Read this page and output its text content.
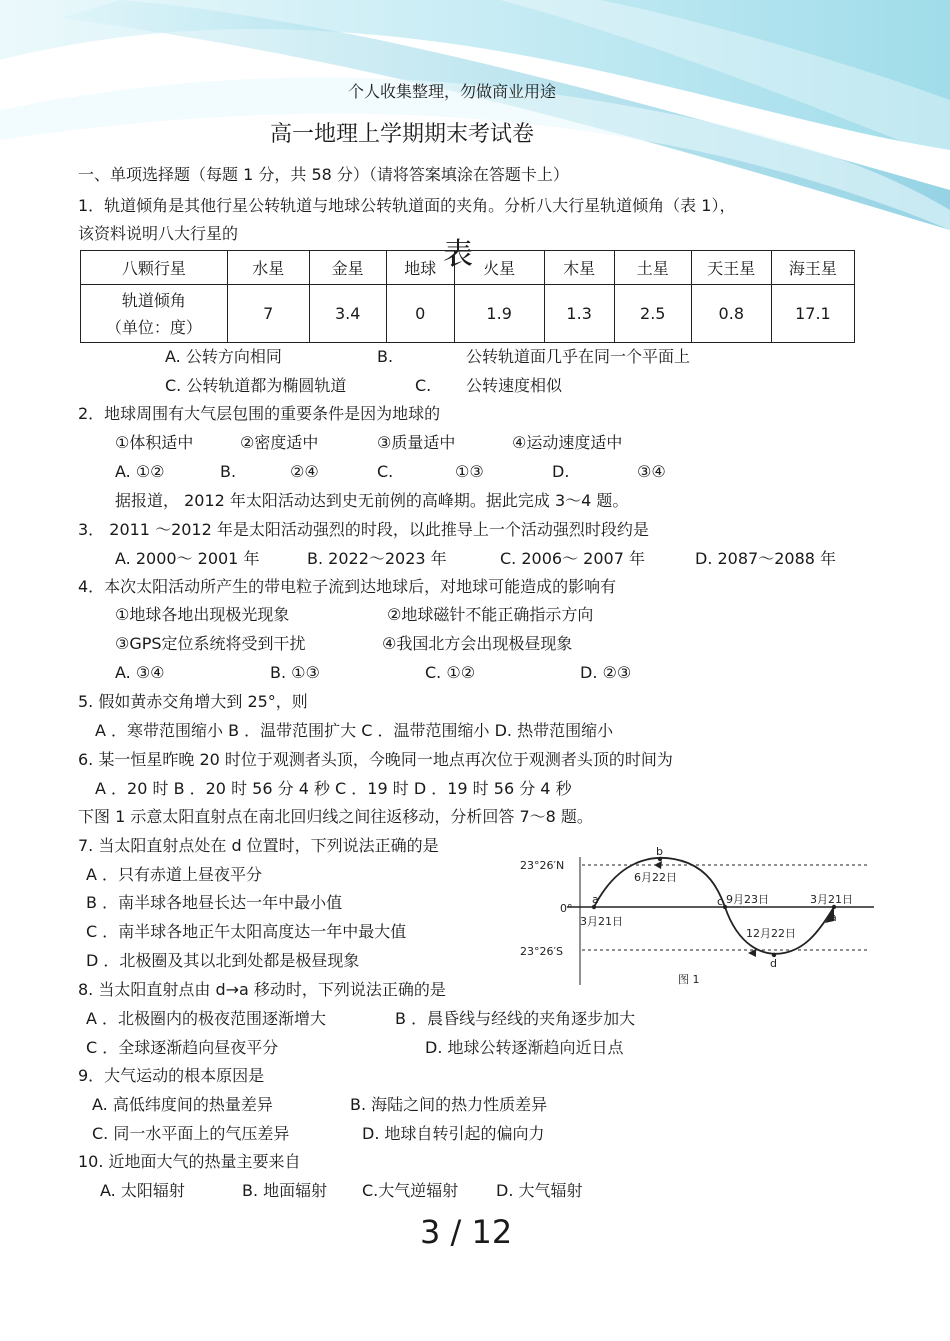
个人收集整理，勿做商业用途
高一地理上学期期末考试卷
一、单项选择题（每题 1 分，共 58 分）（请将答案填涂在答题卡上）
1．轨道倾角是其他行星公转轨道与地球公转轨道面的夹角。分析八大行星轨道倾角（表 1），
该资料说明八大行星的
表
八颗行星	水星	金星	地球	火星	木星	土星	天王星	海王星

轨道倾角
（单位：度）	7	3.4	0	1.9	1.3	2.5	0.8	17.1
A. 公转方向相同	B.	公转轨道面几乎在同一个平面上
C. 公转轨道都为椭圆轨道	C. 公转速度相似
2．地球周围有大气层包围的重要条件是因为地球的
①体积适中	②密度适中	③质量适中	④运动速度适中
A. ①②	B.	②④	C.	①③	D.	③④
据报道， 2012 年太阳活动达到史无前例的高峰期。据此完成 3～4 题。
3． 2011 ～2012 年是太阳活动强烈的时段，以此推导上一个活动强烈时段约是
A. 2000～ 2001 年	B. 2022～2023 年	C. 2006～ 2007 年	D. 2087～2088 年
4．本次太阳活动所产生的带电粒子流到达地球后，对地球可能造成的影响有
①地球各地出现极光现象	②地球磁针不能正确指示方向
③GPS定位系统将受到干扰	④我国北方会出现极昼现象
A. ③④	B. ①③	C. ①②	D. ②③
5. 假如黄赤交角增大到 25°，则
A ．寒带范围缩小 B ．温带范围扩大 C ．温带范围缩小 D. 热带范围缩小
6. 某一恒星昨晚 20 时位于观测者头顶，今晚同一地点再次位于观测者头顶的时间为
A ．20 时 B ．20 时 56 分 4 秒 C ．19 时 D ．19 时 56 分 4 秒
下图 1 示意太阳直射点在南北回归线之间往返移动，分析回答 7～8 题。
7. 当太阳直射点处在 d 位置时，下列说法正确的是
A ．只有赤道上昼夜平分
B ．南半球各地昼长达一年中最小值
C ．南半球各地正午太阳高度达一年中最大值
D ．北极圈及其以北到处都是极昼现象
23°26′N
0°
23°26′S
a
b
c
d
a
3月21日
6月22日
9月23日
12月22日
3月21日
图 1
8. 当太阳直射点由 d→a 移动时，下列说法正确的是
A ．北极圈内的极夜范围逐渐增大	B ．晨昏线与经线的夹角逐步加大
C ．全球逐渐趋向昼夜平分	D. 地球公转逐渐趋向近日点
9．大气运动的根本原因是
A. 高低纬度间的热量差异	B. 海陆之间的热力性质差异
C. 同一水平面上的气压差异	D. 地球自转引起的偏向力
10. 近地面大气的热量主要来自
A. 太阳辐射	B. 地面辐射 C.大气逆辐射 D. 大气辐射
3 / 12
